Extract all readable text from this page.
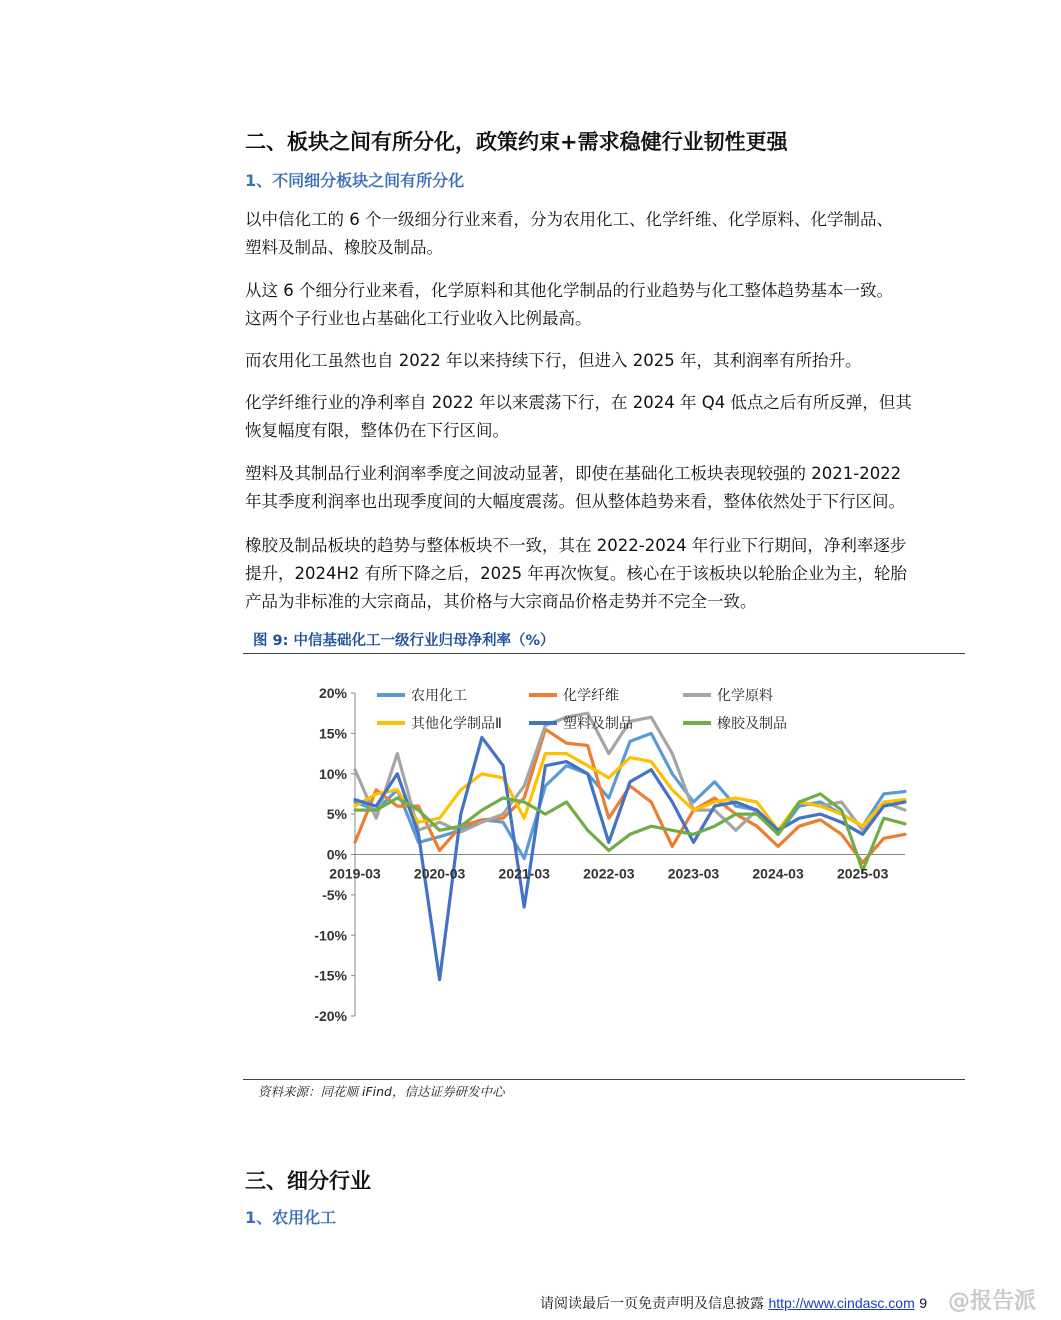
二、板块之间有所分化，政策约束+需求稳健行业韧性更强
1、不同细分板块之间有所分化
以中信化工的 6 个一级细分行业来看，分为农用化工、化学纤维、化学原料、化学制品、
塑料及制品、橡胶及制品。
从这 6 个细分行业来看，化学原料和其他化学制品的行业趋势与化工整体趋势基本一致。
这两个子行业也占基础化工行业收入比例最高。
而农用化工虽然也自 2022 年以来持续下行，但进入 2025 年，其利润率有所抬升。
化学纤维行业的净利率自 2022 年以来震荡下行，在 2024 年 Q4 低点之后有所反弹，但其
恢复幅度有限，整体仍在下行区间。
塑料及其制品行业利润率季度之间波动显著，即使在基础化工板块表现较强的 2021-2022
年其季度利润率也出现季度间的大幅度震荡。但从整体趋势来看，整体依然处于下行区间。
橡胶及制品板块的趋势与整体板块不一致，其在 2022-2024 年行业下行期间，净利率逐步
提升，2024H2 有所下降之后，2025 年再次恢复。核心在于该板块以轮胎企业为主，轮胎
产品为非标准的大宗商品，其价格与大宗商品价格走势并不完全一致。
图 9: 中信基础化工一级行业归母净利率（%）
20%
15%
10%
5%
0%
-5%
-10%
-15%
-20%
2019-03 2020-03 2021-03 2022-03 2023-03 2024-03 2025-03
农用化工	化学纤维	化学原料
其他化学制品Ⅱ	塑料及制品	橡胶及制品
资料来源：同花顺 iFind，信达证券研发中心
三、细分行业
1、农用化工
请阅读最后一页免责声明及信息披露 http://www.cindasc.com 9 @报告派
